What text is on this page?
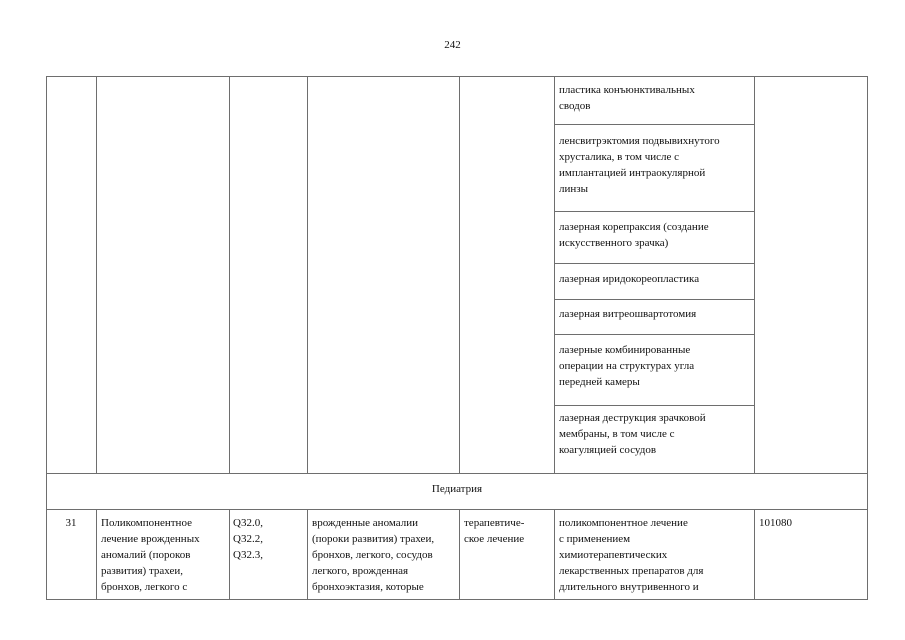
242
пластика конъюнктивальных
сводов
ленсвитрэктомия подвывихнутого
хрусталика, в том числе с
имплантацией интраокулярной
линзы
лазерная корепраксия (создание
искусственного зрачка)
лазерная иридокореопластика
лазерная витреошвартотомия
лазерные комбинированные
операции на структурах угла
передней камеры
лазерная деструкция зрачковой
мембраны, в том числе с
коагуляцией сосудов
Педиатрия
31	Поликомпонентное
лечение врожденных
аномалий (пороков
развития) трахеи,
бронхов, легкого с
Q32.0,
Q32.2,
Q32.3,
врожденные аномалии
(пороки развития) трахеи,
бронхов, легкого, сосудов
легкого, врожденная
бронхоэктазия, которые
терапевтиче-
ское лечение
поликомпонентное лечение
с применением
химиотерапевтических
лекарственных препаратов для
длительного внутривенного и
101080
